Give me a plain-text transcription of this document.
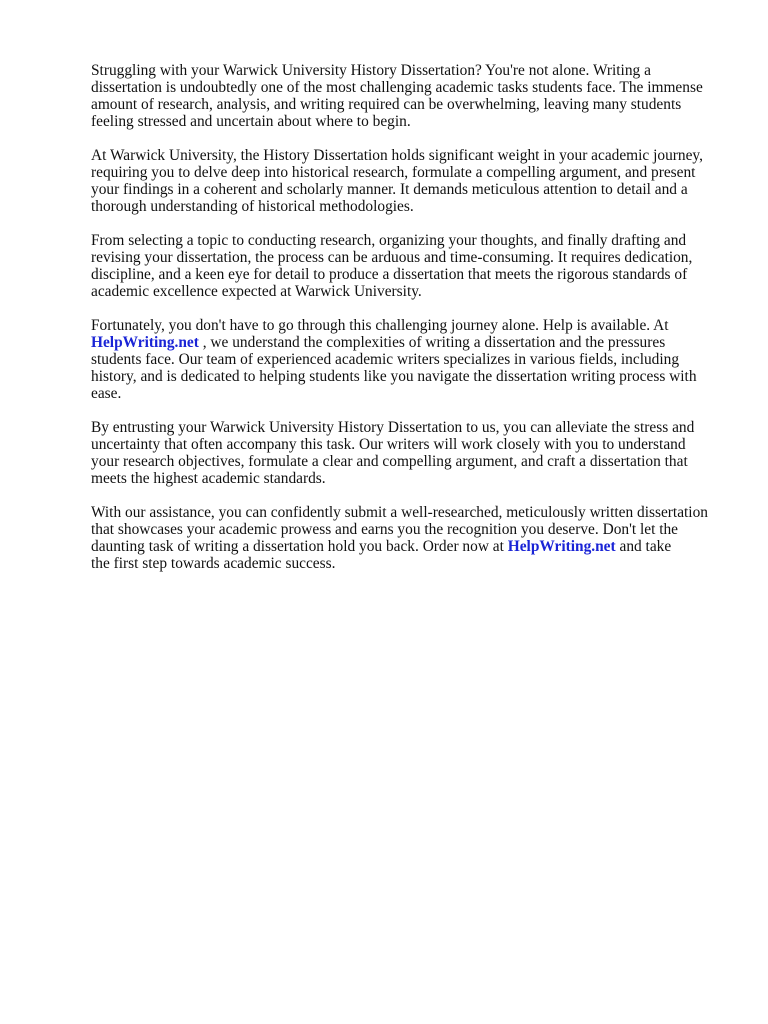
Struggling with your Warwick University History Dissertation? You're not alone. Writing a
dissertation is undoubtedly one of the most challenging academic tasks students face. The immense
amount of research, analysis, and writing required can be overwhelming, leaving many students
feeling stressed and uncertain about where to begin.

At Warwick University, the History Dissertation holds significant weight in your academic journey,
requiring you to delve deep into historical research, formulate a compelling argument, and present
your findings in a coherent and scholarly manner. It demands meticulous attention to detail and a
thorough understanding of historical methodologies.

From selecting a topic to conducting research, organizing your thoughts, and finally drafting and
revising your dissertation, the process can be arduous and time-consuming. It requires dedication,
discipline, and a keen eye for detail to produce a dissertation that meets the rigorous standards of
academic excellence expected at Warwick University.

Fortunately, you don't have to go through this challenging journey alone. Help is available. At
HelpWriting.net , we understand the complexities of writing a dissertation and the pressures
students face. Our team of experienced academic writers specializes in various fields, including
history, and is dedicated to helping students like you navigate the dissertation writing process with
ease.

By entrusting your Warwick University History Dissertation to us, you can alleviate the stress and
uncertainty that often accompany this task. Our writers will work closely with you to understand
your research objectives, formulate a clear and compelling argument, and craft a dissertation that
meets the highest academic standards.

With our assistance, you can confidently submit a well-researched, meticulously written dissertation
that showcases your academic prowess and earns you the recognition you deserve. Don't let the
daunting task of writing a dissertation hold you back. Order now at HelpWriting.net and take
the first step towards academic success.
